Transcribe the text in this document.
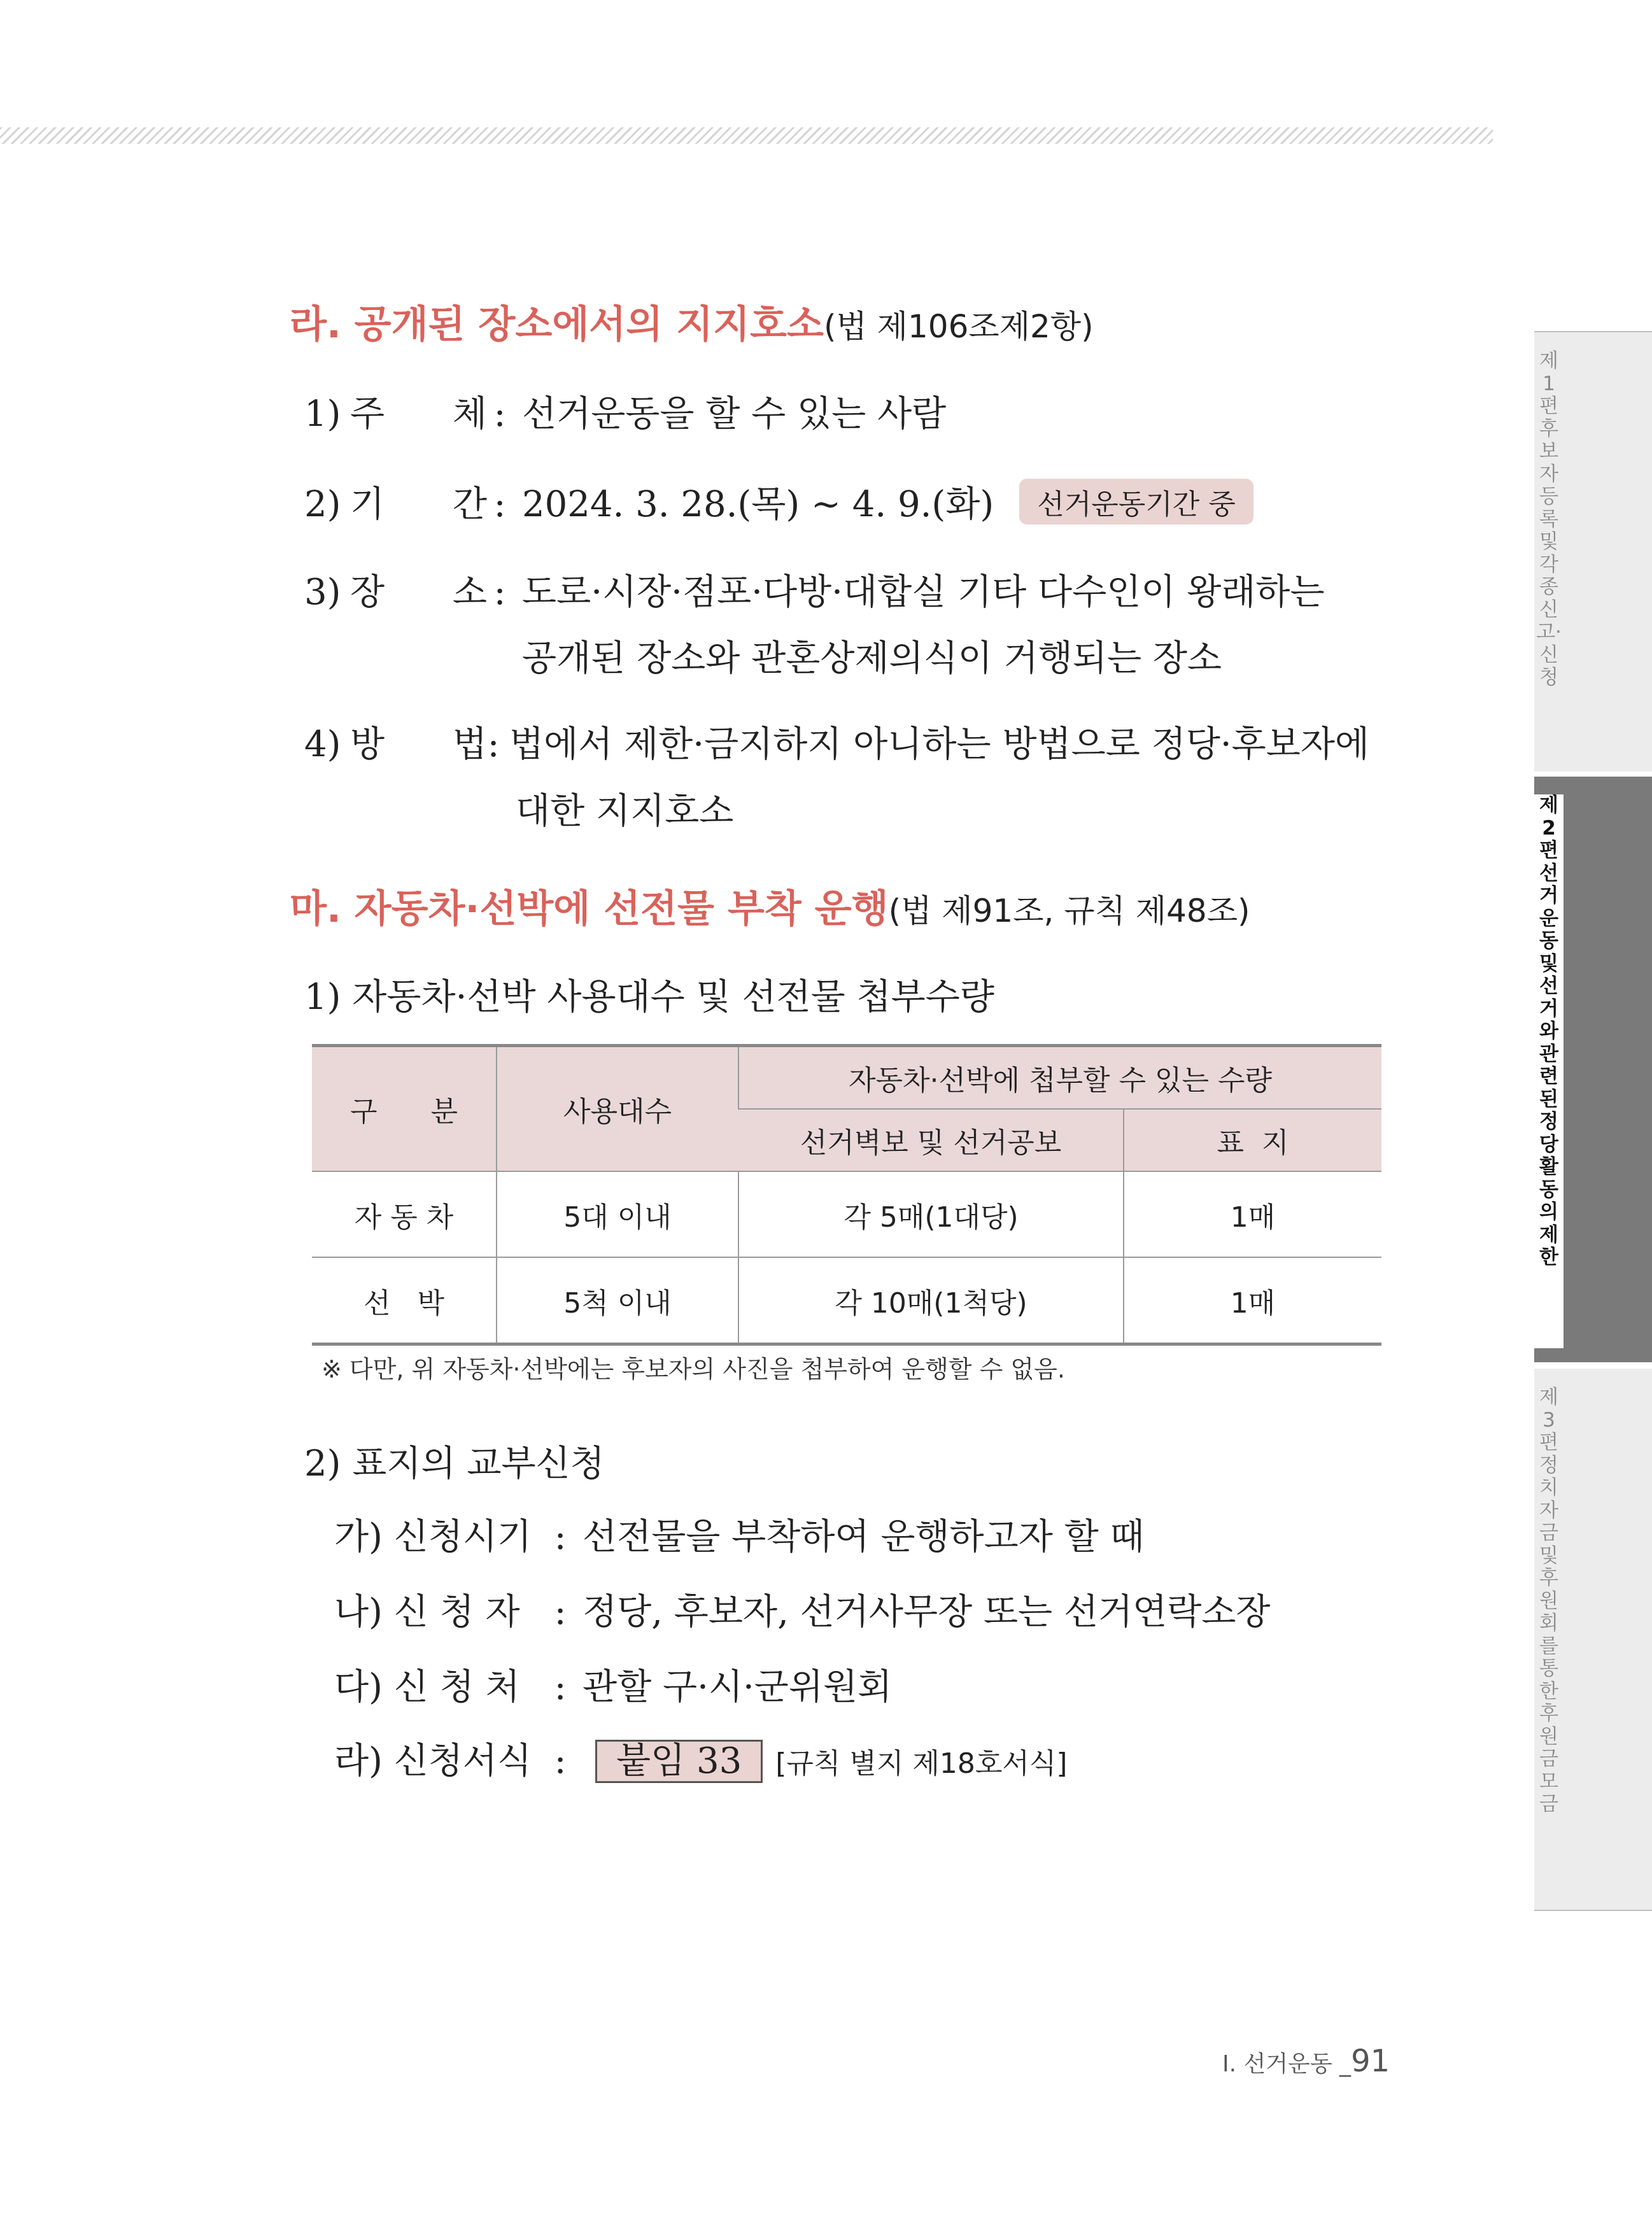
제1편 후보자등록 및 각종 신고·신청
제2편 선거운동 및 선거와 관련된 정당활동의 제한
제3편 정치자금 및 후원회를 통한 후원금 모금
라. 공개된 장소에서의 지지호소(법 제106조제2항)
1) 주      체 : 선거운동을 할 수 있는 사람
2) 기      간 : 2024. 3. 28.(목) ~ 4. 9.(화) 선거운동기간 중
3) 장      소 : 도로·시장·점포·다방·대합실 기타 다수인이 왕래하는
공개된 장소와 관혼상제의식이 거행되는 장소
4) 방      법: 법에서 제한·금지하지 아니하는 방법으로 정당·후보자에
대한 지지호소
마. 자동차·선박에 선전물 부착 운행(법 제91조, 규칙 제48조)
1) 자동차·선박 사용대수 및 선전물 첩부수량
구      분	사용대수	자동차·선박에 첩부할 수 있는 수량	
		선거벽보 및 선거공보	표  지
자 동 차	5대 이내	각 5매(1대당)	1매
선   박	5척 이내	각 10매(1척당)	1매
※ 다만, 위 자동차·선박에는 후보자의 사진을 첩부하여 운행할 수 없음.
2) 표지의 교부신청
가) 신청시기 : 선전물을 부착하여 운행하고자 할 때
나) 신 청 자 : 정당, 후보자, 선거사무장 또는 선거연락소장
다) 신 청 처 : 관할 구·시·군위원회
라) 신청서식 : 붙임 33 [규칙 별지 제18호서식]
I. 선거운동 _91
